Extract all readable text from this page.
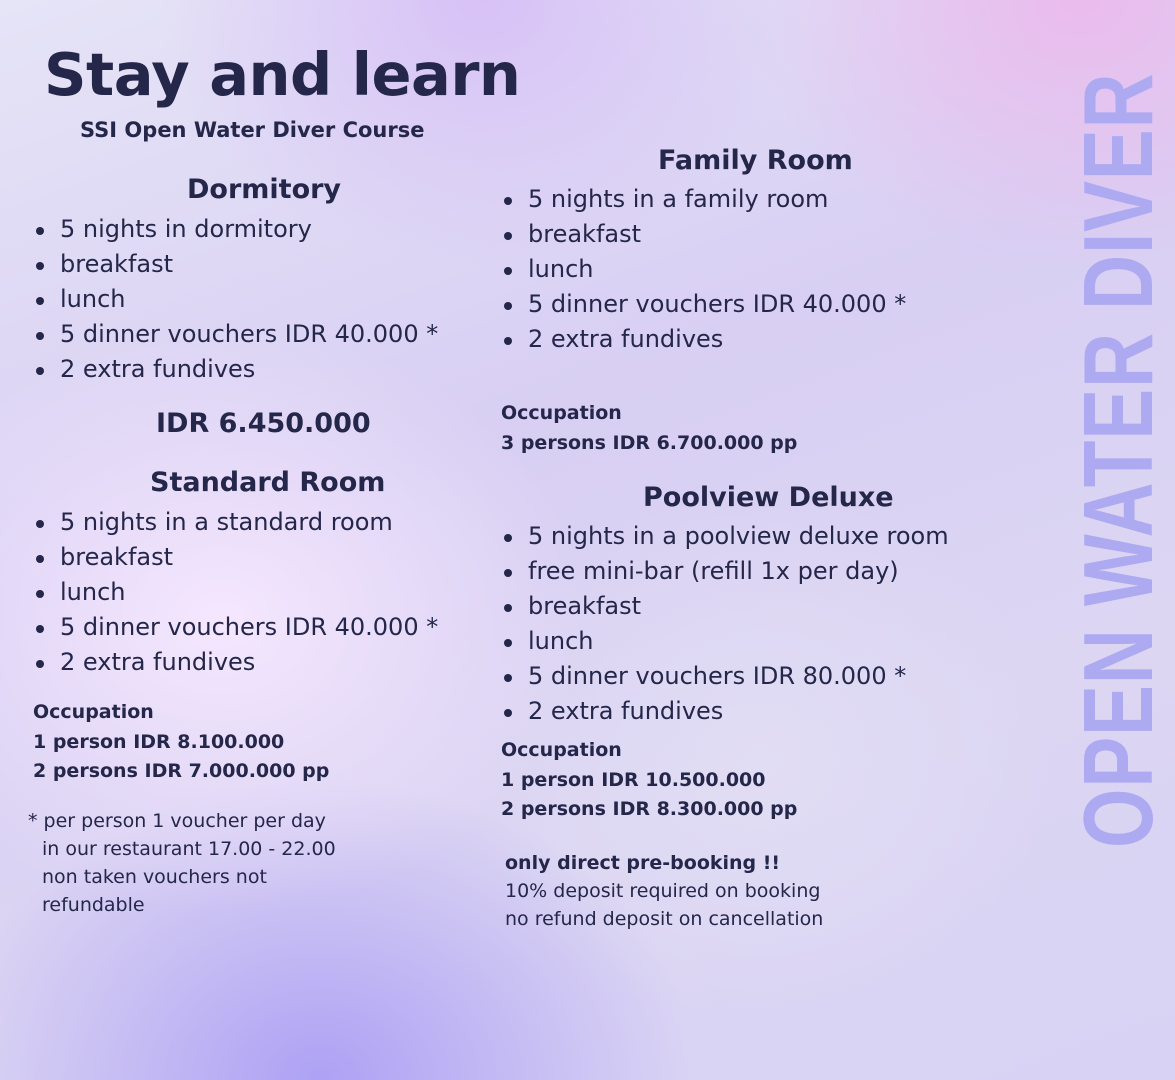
Stay and learn
SSI Open Water Diver Course
Dormitory
5 nights in dormitory
breakfast
lunch
5 dinner vouchers IDR 40.000 *
2 extra fundives
IDR 6.450.000
Standard Room
5 nights in a standard room
breakfast
lunch
5 dinner vouchers IDR 40.000 *
2 extra fundives
Occupation
1 person IDR 8.100.000
2 persons IDR 7.000.000 pp
* per person 1 voucher per day
in our restaurant 17.00 - 22.00
non taken vouchers not
refundable
Family Room
5 nights in a family room
breakfast
lunch
5 dinner vouchers IDR 40.000 *
2 extra fundives
Occupation
3 persons IDR 6.700.000 pp
Poolview Deluxe
5 nights in a poolview deluxe room
free mini-bar (refill 1x per day)
breakfast
lunch
5 dinner vouchers IDR 80.000 *
2 extra fundives
Occupation
1 person IDR 10.500.000
2 persons IDR 8.300.000 pp
only direct pre-booking !!
10% deposit required on booking
no refund deposit on cancellation
OPEN WATER DIVER
